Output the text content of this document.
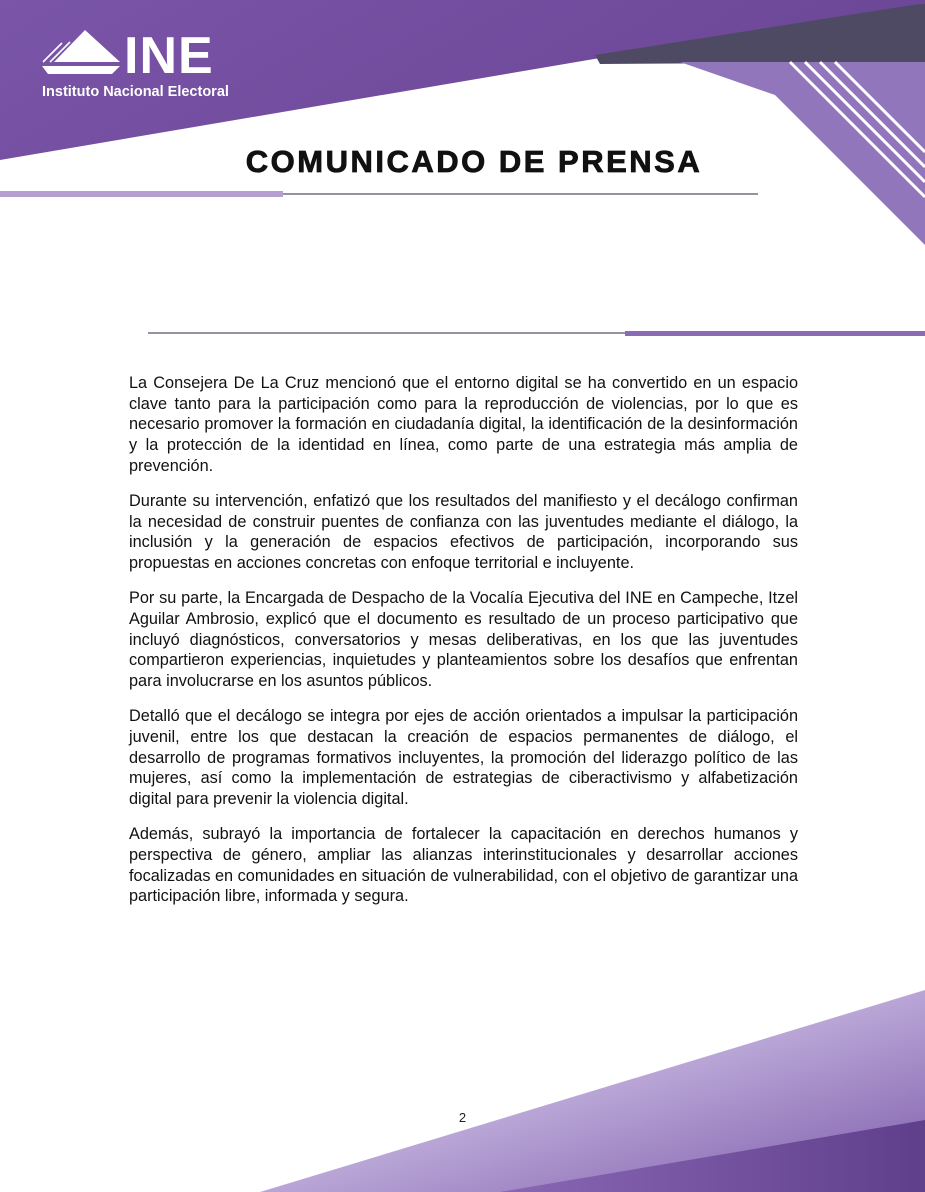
INE
Instituto Nacional Electoral
COMUNICADO DE PRENSA

La Consejera De La Cruz mencionó que el entorno digital se ha convertido en un espacio clave tanto para la participación como para la reproducción de violencias, por lo que es necesario promover la formación en ciudadanía digital, la identificación de la desinformación y la protección de la identidad en línea, como parte de una estrategia más amplia de prevención.

Durante su intervención, enfatizó que los resultados del manifiesto y el decálogo confirman la necesidad de construir puentes de confianza con las juventudes mediante el diálogo, la inclusión y la generación de espacios efectivos de participación, incorporando sus propuestas en acciones concretas con enfoque territorial e incluyente.

Por su parte, la Encargada de Despacho de la Vocalía Ejecutiva del INE en Campeche, Itzel Aguilar Ambrosio, explicó que el documento es resultado de un proceso participativo que incluyó diagnósticos, conversatorios y mesas deliberativas, en los que las juventudes compartieron experiencias, inquietudes y planteamientos sobre los desafíos que enfrentan para involucrarse en los asuntos públicos.

Detalló que el decálogo se integra por ejes de acción orientados a impulsar la participación juvenil, entre los que destacan la creación de espacios permanentes de diálogo, el desarrollo de programas formativos incluyentes, la promoción del liderazgo político de las mujeres, así como la implementación de estrategias de ciberactivismo y alfabetización digital para prevenir la violencia digital.

Además, subrayó la importancia de fortalecer la capacitación en derechos humanos y perspectiva de género, ampliar las alianzas interinstitucionales y desarrollar acciones focalizadas en comunidades en situación de vulnerabilidad, con el objetivo de garantizar una participación libre, informada y segura.

2
